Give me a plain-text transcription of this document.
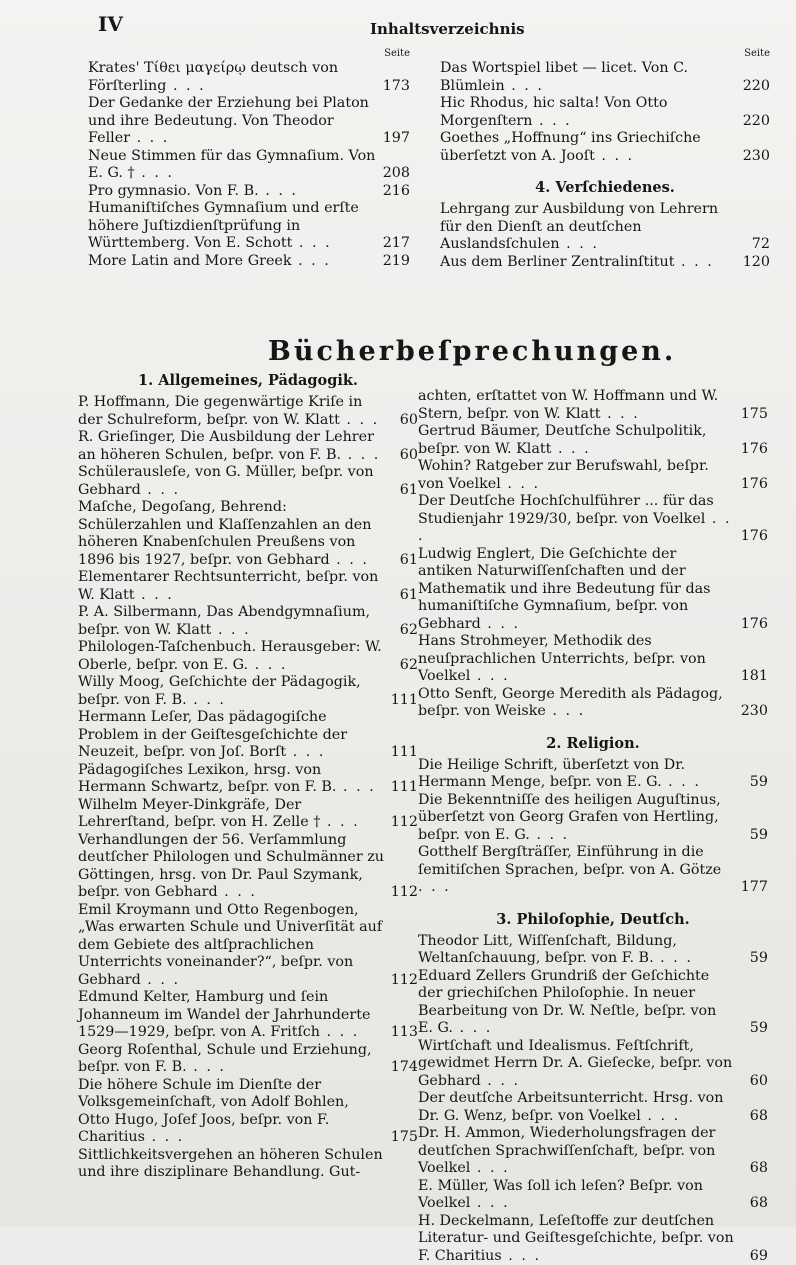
IV	Inhaltsverzeichnis
Seite

Krates' Τίθει μαγείρῳ deutsch von Förſterling . . .	173

Der Gedanke der Erziehung bei Platon und ihre Bedeutung. Von Theodor Feller . . .	197

Neue Stimmen für das Gymnaſium. Von E. G. † . . .	208

Pro gymnasio. Von F. B. . . .	216

Humaniſtiſches Gymnaſium und erſte höhere Juſtizdienſtprüfung in Württemberg. Von E. Schott . . .	217

More Latin and More Greek . . .	219

Seite

Das Wortspiel libet — licet. Von C. Blümlein . . .	220

Hic Rhodus, hic salta! Von Otto Morgenſtern . . .	220

Goethes „Hoffnung“ ins Griechiſche überſetzt von A. Jooſt . . .	230

4. Verſchiedenes.

Lehrgang zur Ausbildung von Lehrern für den Dienſt an deutſchen Auslandsſchulen . . .	72

Aus dem Berliner Zentralinſtitut . . . 120

Bücherbeſprechungen.
1. Allgemeines, Pädagogik.

P. Hoffmann, Die gegenwärtige Kriſe in der Schulreform, beſpr. von W. Klatt . . . 60

R. Grieſinger, Die Ausbildung der Lehrer an höheren Schulen, beſpr. von F. B. . . . 60

Schülerausleſe, von G. Müller, beſpr. von Gebhard . . .	61

Maſche, Degoſang, Behrend: Schülerzahlen und Klaſſenzahlen an den höheren Knabenſchulen Preußens von 1896 bis 1927, beſpr. von Gebhard . . . 61

Elementarer Rechtsunterricht, beſpr. von W. Klatt . . .	61

P. A. Silbermann, Das Abendgymnaſium, beſpr. von W. Klatt . . .	62

Philologen-Taſchenbuch. Herausgeber: W. Oberle, beſpr. von E. G. . . .	62

Willy Moog, Geſchichte der Pädagogik, beſpr. von F. B. . . .	111

Hermann Leſer, Das pädagogiſche Problem in der Geiſtesgeſchichte der Neuzeit, beſpr. von Joſ. Borſt . . .	111

Pädagogiſches Lexikon, hrsg. von Hermann Schwartz, beſpr. von F. B. . . . 111

Wilhelm Meyer-Dinkgräfe, Der Lehrerſtand, beſpr. von H. Zelle † . . . 112

Verhandlungen der 56. Verſammlung deutſcher Philologen und Schulmänner zu Göttingen, hrsg. von Dr. Paul Szymank, beſpr. von Gebhard . . .	112

Emil Kroymann und Otto Regenbogen, „Was erwarten Schule und Univerſität auf dem Gebiete des altſprachlichen Unterrichts voneinander?“, beſpr. von Gebhard . . .	112

Edmund Kelter, Hamburg und ſein Johanneum im Wandel der Jahrhunderte 1529—1929, beſpr. von A. Fritſch . . . 113

Georg Roſenthal, Schule und Erziehung, beſpr. von F. B. . . .	174

Die höhere Schule im Dienſte der Volksgemeinſchaft, von Adolf Bohlen, Otto Hugo, Joſef Joos, beſpr. von F. Charitius . . .	175

Sittlichkeitsvergehen an höheren Schulen und ihre disziplinare Behandlung. Gut-

achten, erſtattet von W. Hoffmann und W. Stern, beſpr. von W. Klatt . . .	175

Gertrud Bäumer, Deutſche Schulpolitik, beſpr. von W. Klatt . . .	176

Wohin? Ratgeber zur Berufswahl, beſpr. von Voelkel . . .	176

Der Deutſche Hochſchulführer ... für das Studienjahr 1929/30, beſpr. von Voelkel . . .	176

Ludwig Englert, Die Geſchichte der antiken Naturwiſſenſchaften und der Mathematik und ihre Bedeutung für das humaniſtiſche Gymnaſium, beſpr. von Gebhard . . .	176

Hans Strohmeyer, Methodik des neuſprachlichen Unterrichts, beſpr. von Voelkel . . .	181

Otto Senft, George Meredith als Pädagog, beſpr. von Weiske . . .	230

2. Religion.

Die Heilige Schrift, überſetzt von Dr. Hermann Menge, beſpr. von E. G. . . .	59

Die Bekenntniſſe des heiligen Auguſtinus, überſetzt von Georg Grafen von Hertling, beſpr. von E. G. . . .	59

Gotthelf Bergſträſſer, Einführung in die ſemitiſchen Sprachen, beſpr. von A. Götze . . .	177

3. Philoſophie, Deutſch.

Theodor Litt, Wiſſenſchaft, Bildung, Weltanſchauung, beſpr. von F. B. . . .	59

Eduard Zellers Grundriß der Geſchichte der griechiſchen Philoſophie. In neuer Bearbeitung von Dr. W. Neſtle, beſpr. von E. G. . . .	59

Wirtſchaft und Idealismus. Feſtſchrift, gewidmet Herrn Dr. A. Gieſecke, beſpr. von Gebhard . . .	60

Der deutſche Arbeitsunterricht. Hrsg. von Dr. G. Wenz, beſpr. von Voelkel . . .	68

Dr. H. Ammon, Wiederholungsfragen der deutſchen Sprachwiſſenſchaft, beſpr. von Voelkel . . .	68

E. Müller, Was ſoll ich leſen? Beſpr. von Voelkel . . .	68

H. Deckelmann, Leſeſtoffe zur deutſchen Literatur- und Geiſtesgeſchichte, beſpr. von F. Charitius . . .	69
